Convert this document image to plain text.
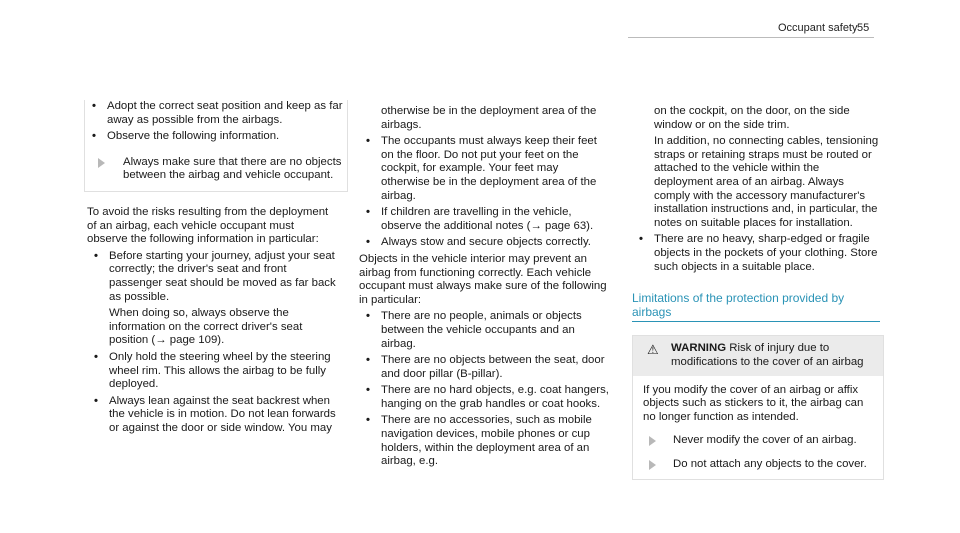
Occupant safety 55
• Adopt the correct seat position and keep as far away as possible from the airbags.
• Observe the following information.
Always make sure that there are no objects between the airbag and vehicle occupant.

To avoid the risks resulting from the deployment of an airbag, each vehicle occupant must observe the following information in particular:

• Before starting your journey, adjust your seat correctly; the driver's seat and front passenger seat should be moved as far back as possible.
When doing so, always observe the information on the correct driver's seat position (→ page 109).
• Only hold the steering wheel by the steering wheel rim. This allows the airbag to be fully deployed.
• Always lean against the seat backrest when the vehicle is in motion. Do not lean forwards or against the door or side window. You may

otherwise be in the deployment area of the airbags.

• The occupants must always keep their feet on the floor. Do not put your feet on the cockpit, for example. Your feet may otherwise be in the deployment area of the airbag.
• If children are travelling in the vehicle, observe the additional notes (→ page 63).
• Always stow and secure objects correctly.

Objects in the vehicle interior may prevent an airbag from functioning correctly. Each vehicle occupant must always make sure of the following in particular:

• There are no people, animals or objects between the vehicle occupants and an airbag.
• There are no objects between the seat, door and door pillar (B-pillar).
• There are no hard objects, e.g. coat hangers, hanging on the grab handles or coat hooks.
• There are no accessories, such as mobile navigation devices, mobile phones or cup holders, within the deployment area of an airbag, e.g.

on the cockpit, on the door, on the side window or on the side trim.

In addition, no connecting cables, tensioning straps or retaining straps must be routed or attached to the vehicle within the deployment area of an airbag. Always comply with the accessory manufacturer's installation instructions and, in particular, the notes on suitable places for installation.

• There are no heavy, sharp-edged or fragile objects in the pockets of your clothing. Store such objects in a suitable place.
Limitations of the protection provided by airbags
⚠ WARNING Risk of injury due to modifications to the cover of an airbag

If you modify the cover of an airbag or affix objects such as stickers to it, the airbag can no longer function as intended.

Never modify the cover of an airbag.
Do not attach any objects to the cover.
